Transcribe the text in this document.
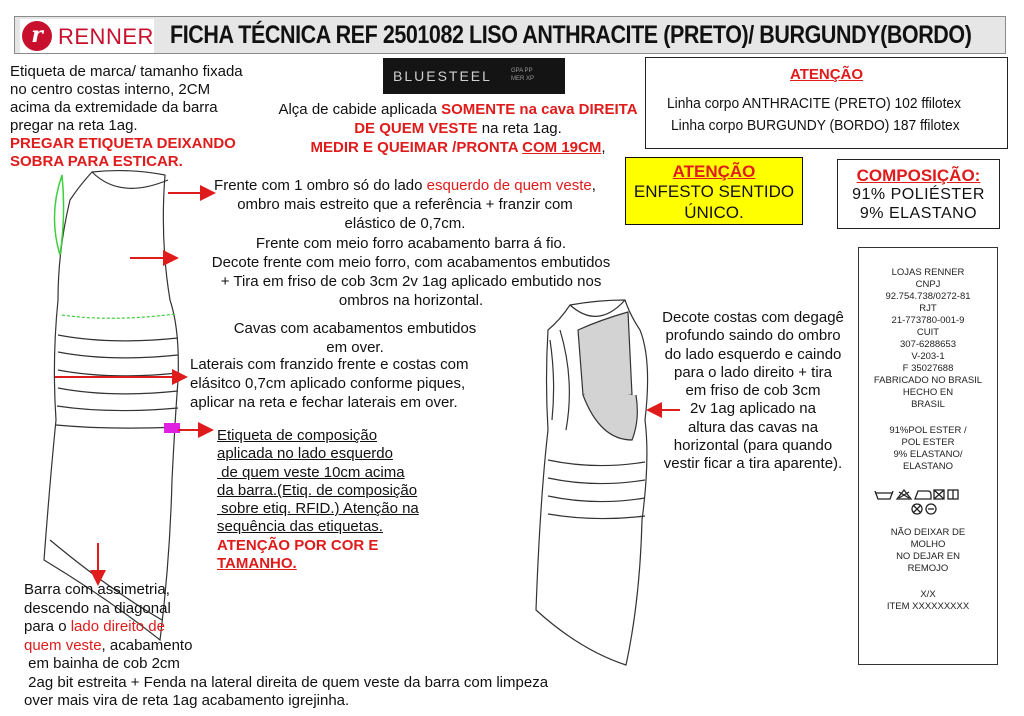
r RENNER FICHA TÉCNICA REF 2501082 LISO ANTHRACITE (PRETO)/ BURGUNDY(BORDO)
BLUESTEEL	GPA PP
MER XP	ATENÇÃO
Linha corpo ANTHRACITE (PRETO) 102 ffilotex
Linha corpo BURGUNDY (BORDO) 187 ffilotex
ATENÇÃO
ENFESTO SENTIDO
ÚNICO.
COMPOSIÇÃO:
91% POLIÉSTER
9% ELASTANO
LOJAS RENNER
CNPJ
92.754.738/0272-81
RJT
21-773780-001-9
CUIT
307-6288653
V-203-1
F 35027688
FABRICADO NO BRASIL
HECHO EN
BRASIL
91%POL ESTER /
POL ESTER
9% ELASTANO/
ELASTANO
NÃO DEIXAR DE
MOLHO
NO DEJAR EN
REMOJO
X/X
ITEM XXXXXXXXX
Etiqueta de marca/ tamanho fixada
no centro costas interno, 2CM
acima da extremidade da barra
pregar na reta 1ag.
PREGAR ETIQUETA DEIXANDO
SOBRA PARA ESTICAR.
Alça de cabide aplicada SOMENTE na cava DIREITA
DE QUEM VESTE na reta 1ag.
MEDIR E QUEIMAR /PRONTA COM 19CM,
Frente com 1 ombro só do lado esquerdo de quem veste,
ombro mais estreito que a referência + franzir com
elástico de 0,7cm.
Frente com meio forro acabamento barra á fio.
Decote frente com meio forro, com acabamentos embutidos
+ Tira em friso de cob 3cm 2v 1ag aplicado embutido nos
ombros na horizontal.
Cavas com acabamentos embutidos
em over.
Laterais com franzido frente e costas com
elásitco 0,7cm aplicado conforme piques,
aplicar na reta e fechar laterais em over.
Etiqueta de composição
aplicada no lado esquerdo
de quem veste 10cm acima
da barra.(Etiq. de composição
sobre etiq. RFID.) Atenção na
sequência das etiquetas.
ATENÇÃO POR COR E
TAMANHO.
Barra com assimetria,
descendo na diagonal
para o lado direito de
quem veste, acabamento
em bainha de cob 2cm
2ag bit estreita + Fenda na lateral direita de quem veste da barra com limpeza
over mais vira de reta 1ag acabamento igrejinha.
Decote costas com degagê
profundo saindo do ombro
do lado esquerdo e caindo
para o lado direito + tira
em friso de cob 3cm
2v 1ag aplicado na
altura das cavas na
horizontal (para quando
vestir ficar a tira aparente).
